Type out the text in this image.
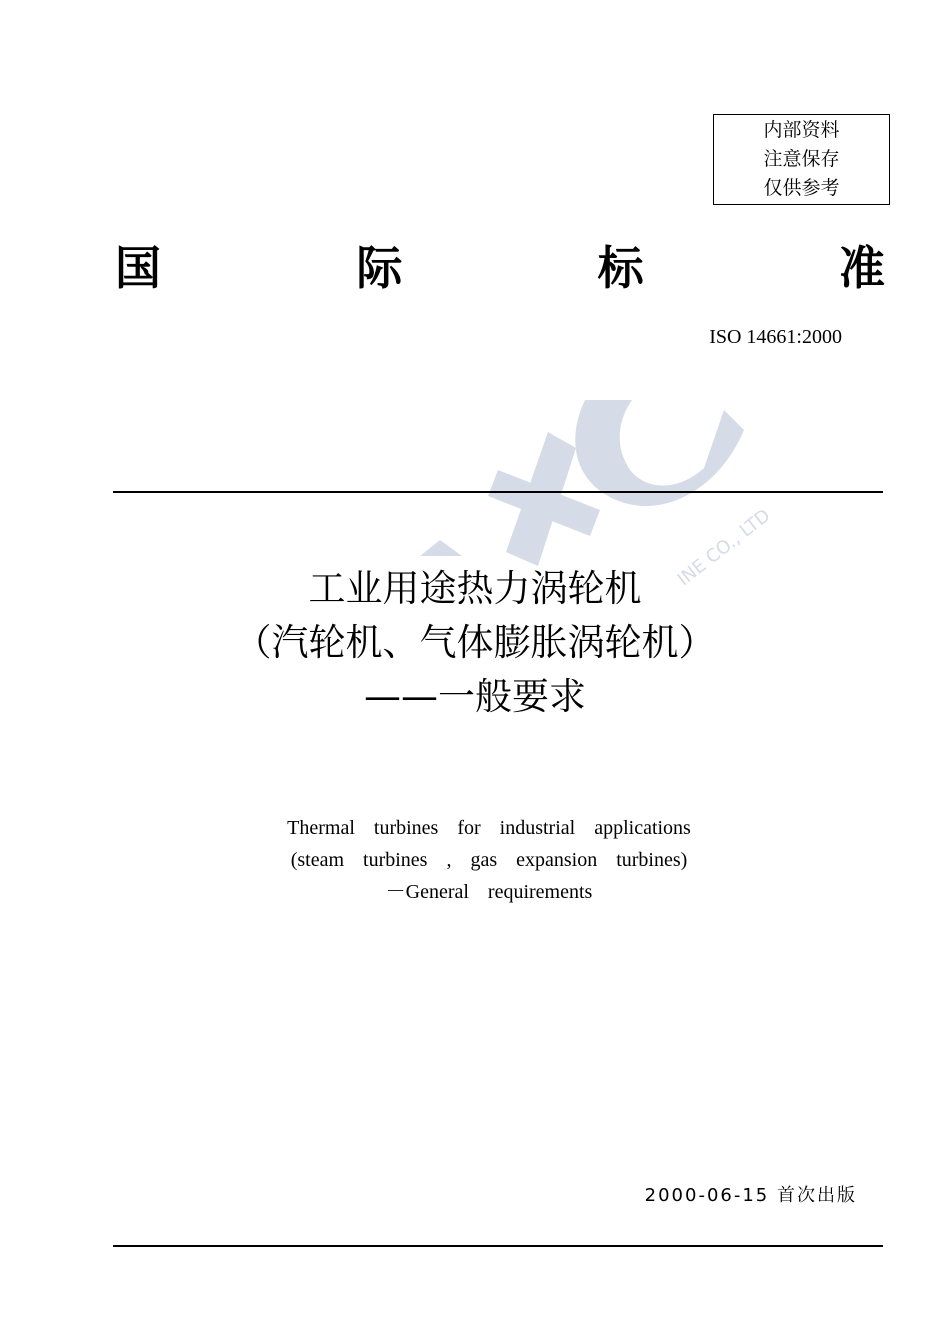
内部资料
注意保存
仅供参考
国	际	标	准
ISO 14661:2000
INE CO., LTD
工业用途热力涡轮机
（汽轮机、气体膨胀涡轮机）
——一般要求
Thermal turbines for industrial applications
(steam turbines , gas expansion turbines)
－General requirements
2000-06-15 首次出版
